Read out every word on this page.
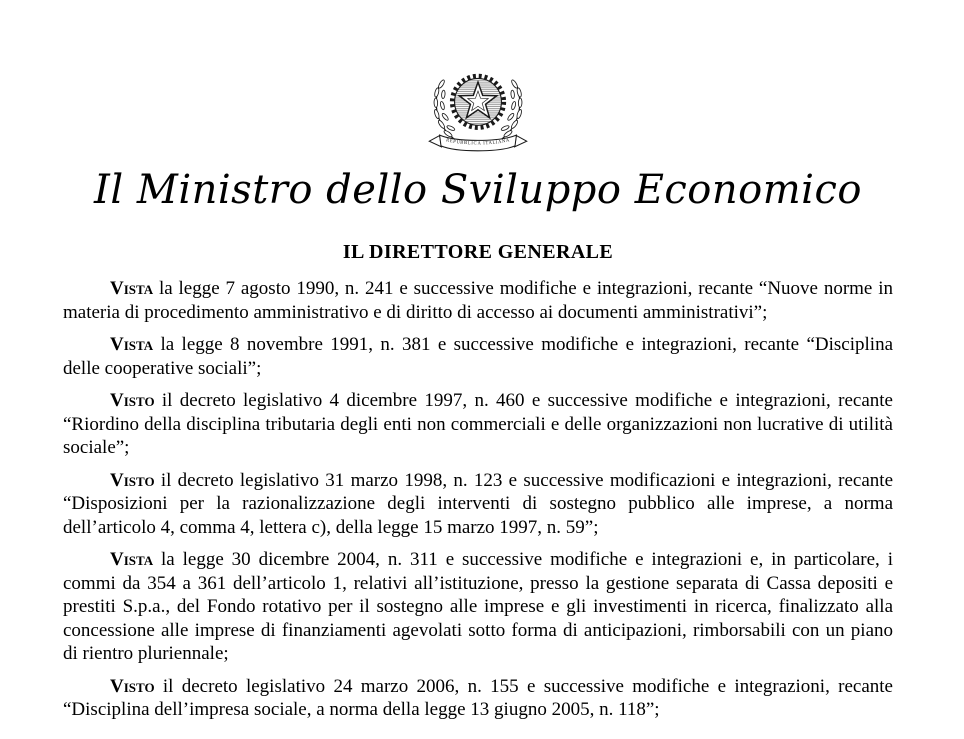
REPUBBLICA ITALIANA
Il Ministro dello Sviluppo Economico
IL DIRETTORE GENERALE

Vista la legge 7 agosto 1990, n. 241 e successive modifiche e integrazioni, recante “Nuove norme in materia di procedimento amministrativo e di diritto di accesso ai documenti amministrativi”;

Vista la legge 8 novembre 1991, n. 381 e successive modifiche e integrazioni, recante “Disciplina delle cooperative sociali”;

Visto il decreto legislativo 4 dicembre 1997, n. 460 e successive modifiche e integrazioni, recante “Riordino della disciplina tributaria degli enti non commerciali e delle organizzazioni non lucrative di utilità sociale”;

Visto il decreto legislativo 31 marzo 1998, n. 123 e successive modificazioni e integrazioni, recante “Disposizioni per la razionalizzazione degli interventi di sostegno pubblico alle imprese, a norma dell’articolo 4, comma 4, lettera c), della legge 15 marzo 1997, n. 59”;

Vista la legge 30 dicembre 2004, n. 311 e successive modifiche e integrazioni e, in particolare, i commi da 354 a 361 dell’articolo 1, relativi all’istituzione, presso la gestione separata di Cassa depositi e prestiti S.p.a., del Fondo rotativo per il sostegno alle imprese e gli investimenti in ricerca, finalizzato alla concessione alle imprese di finanziamenti agevolati sotto forma di anticipazioni, rimborsabili con un piano di rientro pluriennale;

Visto il decreto legislativo 24 marzo 2006, n. 155 e successive modifiche e integrazioni, recante “Disciplina dell’impresa sociale, a norma della legge 13 giugno 2005, n. 118”;
